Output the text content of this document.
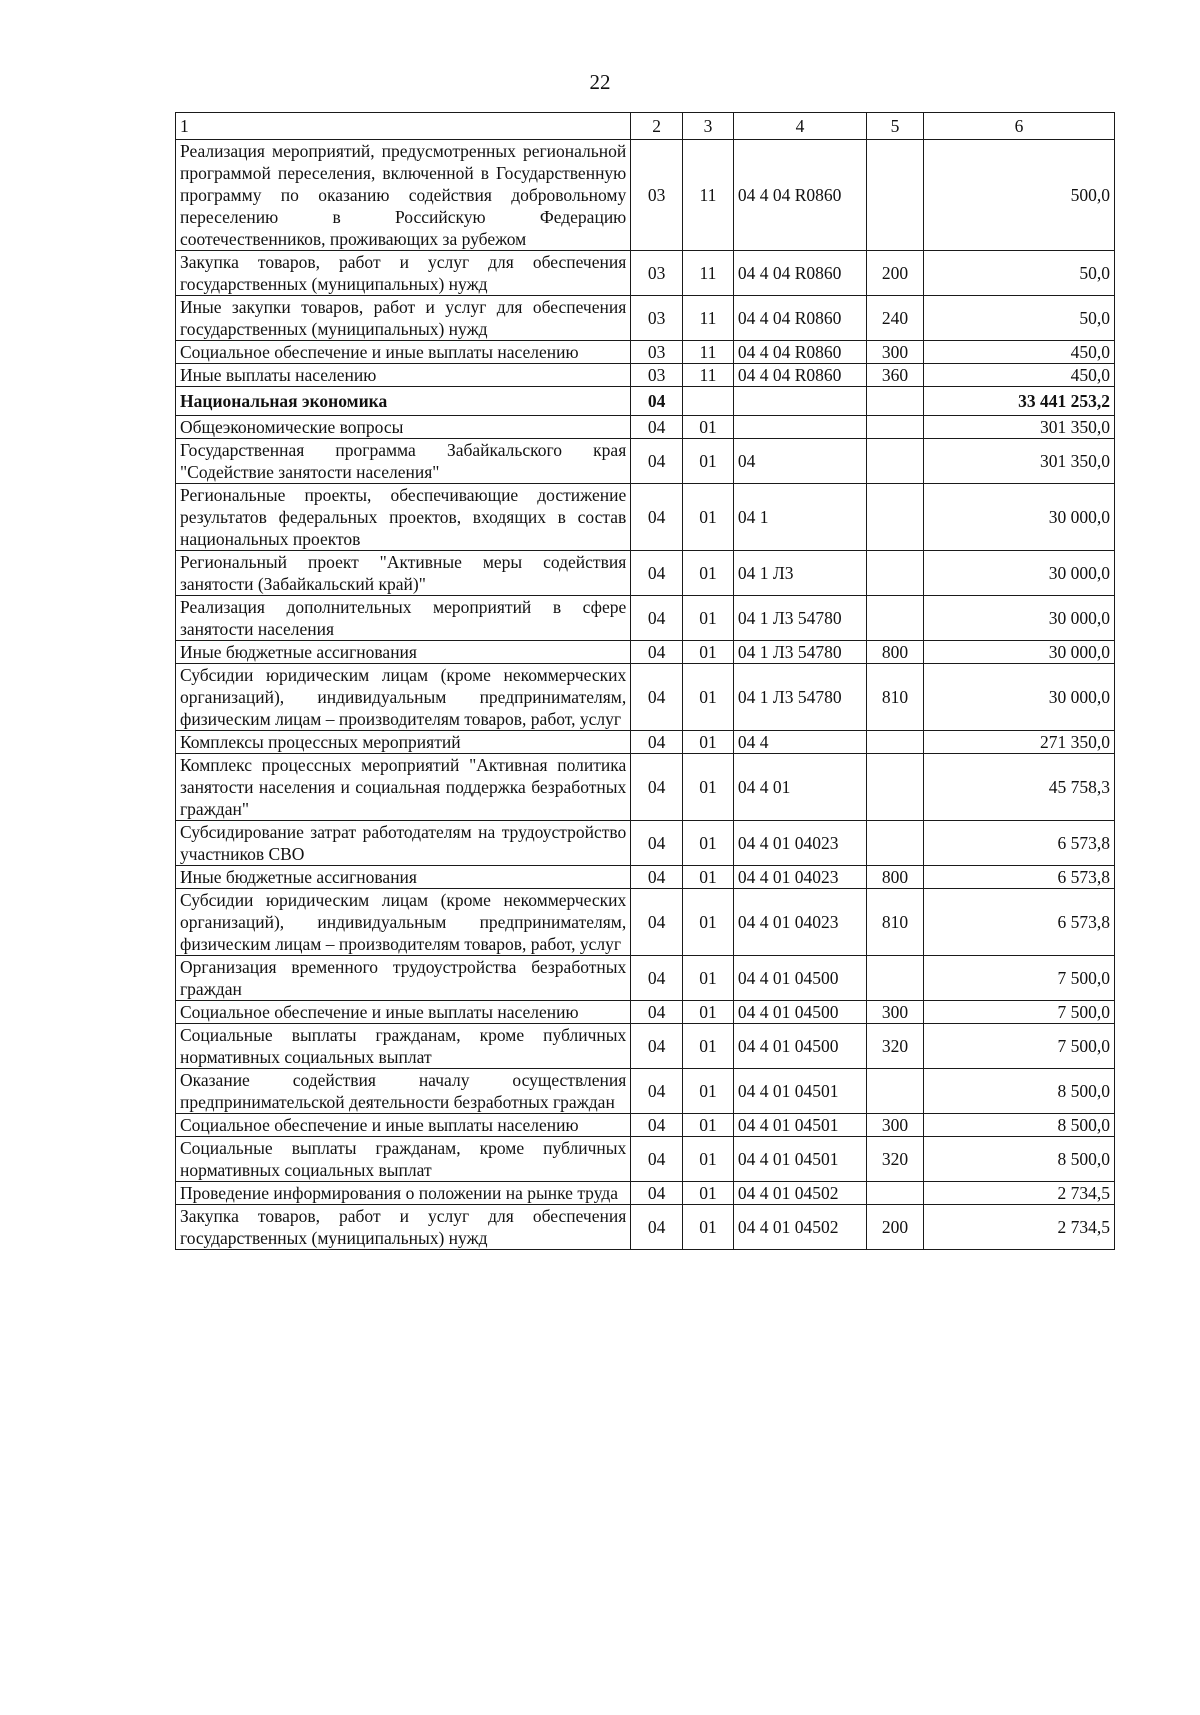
22
1	2	3	4	5	6
Реализация мероприятий, предусмотренных региональной программой переселения, включенной в Государственную программу по оказанию содействия добровольному переселению в Российскую Федерацию соотечественников, проживающих за рубежом	03	11	04 4 04 R0860		500,0
Закупка товаров, работ и услуг для обеспечения государственных (муниципальных) нужд	03	11	04 4 04 R0860	200	50,0
Иные закупки товаров, работ и услуг для обеспечения государственных (муниципальных) нужд	03	11	04 4 04 R0860	240	50,0
Социальное обеспечение и иные выплаты населению	03	11	04 4 04 R0860	300	450,0
Иные выплаты населению	03	11	04 4 04 R0860	360	450,0
Национальная экономика	04				33 441 253,2
Общеэкономические вопросы	04	01			301 350,0
Государственная программа Забайкальского края "Содействие занятости населения"	04	01	04		301 350,0
Региональные проекты, обеспечивающие достижение результатов федеральных проектов, входящих в состав национальных проектов	04	01	04 1		30 000,0
Региональный проект "Активные меры содействия занятости (Забайкальский край)"	04	01	04 1 Л3		30 000,0
Реализация дополнительных мероприятий в сфере занятости населения	04	01	04 1 Л3 54780		30 000,0
Иные бюджетные ассигнования	04	01	04 1 Л3 54780	800	30 000,0
Субсидии юридическим лицам (кроме некоммерческих организаций), индивидуальным предпринимателям, физическим лицам – производителям товаров, работ, услуг	04	01	04 1 Л3 54780	810	30 000,0
Комплексы процессных мероприятий	04	01	04 4		271 350,0
Комплекс процессных мероприятий "Активная политика занятости населения и социальная поддержка безработных граждан"	04	01	04 4 01		45 758,3
Субсидирование затрат работодателям на трудоустройство участников СВО	04	01	04 4 01 04023		6 573,8
Иные бюджетные ассигнования	04	01	04 4 01 04023	800	6 573,8
Субсидии юридическим лицам (кроме некоммерческих организаций), индивидуальным предпринимателям, физическим лицам – производителям товаров, работ, услуг	04	01	04 4 01 04023	810	6 573,8
Организация временного трудоустройства безработных граждан	04	01	04 4 01 04500		7 500,0
Социальное обеспечение и иные выплаты населению	04	01	04 4 01 04500	300	7 500,0
Социальные выплаты гражданам, кроме публичных нормативных социальных выплат	04	01	04 4 01 04500	320	7 500,0
Оказание содействия началу осуществления предпринимательской деятельности безработных граждан	04	01	04 4 01 04501		8 500,0
Социальное обеспечение и иные выплаты населению	04	01	04 4 01 04501	300	8 500,0
Социальные выплаты гражданам, кроме публичных нормативных социальных выплат	04	01	04 4 01 04501	320	8 500,0
Проведение информирования о положении на рынке труда	04	01	04 4 01 04502		2 734,5
Закупка товаров, работ и услуг для обеспечения государственных (муниципальных) нужд	04	01	04 4 01 04502	200	2 734,5
